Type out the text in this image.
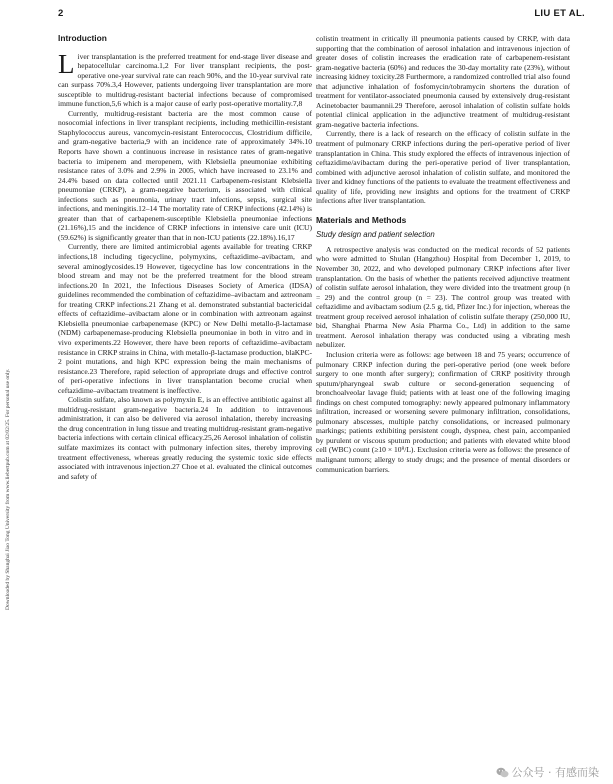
2	LIU ET AL.
Downloaded by Shanghai Jiao Tong University from www.liebertpub.com at 02/02/25. For personal use only.
Introduction

Liver transplantation is the preferred treatment for end-stage liver disease and hepatocellular carcinoma.1,2 For liver transplant recipients, the post-operative one-year survival rate can reach 90%, and the 10-year survival rate can surpass 70%.3,4 However, patients undergoing liver transplantation are more susceptible to multidrug-resistant bacterial infections because of compromised immune function,5,6 which is a major cause of early post-operative mortality.7,8

Currently, multidrug-resistant bacteria are the most common cause of nosocomial infections in liver transplant recipients, including methicillin-resistant Staphylococcus aureus, vancomycin-resistant Enterococcus, Clostridium difficile, and gram-negative bacteria,9 with an incidence rate of approximately 34%.10 Reports have shown a continuous increase in resistance rates of gram-negative bacteria to imipenem and meropenem, with Klebsiella pneumoniae exhibiting resistance rates of 3.0% and 2.9% in 2005, which have increased to 23.1% and 24.4% based on data collected until 2021.11 Carbapenem-resistant Klebsiella pneumoniae (CRKP), a gram-negative bacterium, is associated with clinical infections such as pneumonia, urinary tract infections, sepsis, surgical site infections, and meningitis.12–14 The mortality rate of CRKP infections (42.14%) is greater than that of carbapenem-susceptible Klebsiella pneumoniae infections (21.16%),15 and the incidence of CRKP infections in intensive care unit (ICU) (59.62%) is significantly greater than that in non-ICU patients (22.18%).16,17

Currently, there are limited antimicrobial agents available for treating CRKP infections,18 including tigecycline, polymyxins, ceftazidime–avibactam, and several aminoglycosides.19 However, tigecycline has low concentrations in the blood stream and may not be the preferred treatment for the blood stream infections.20 In 2021, the Infectious Diseases Society of America (IDSA) guidelines recommended the combination of ceftazidime–avibactam and aztreonam for treating CRKP infections.21 Zhang et al. demonstrated substantial bactericidal effects of ceftazidime–avibactam alone or in combination with aztreonam against Klebsiella pneumoniae carbapenemase (KPC) or New Delhi metallo-β-lactamase (NDM) carbapenemase-producing Klebsiella pneumoniae in both in vitro and in vivo experiments.22 However, there have been reports of ceftazidime–avibactam resistance in CRKP strains in China, with metallo-β-lactamase production, blaKPC-2 point mutations, and high KPC expression being the main mechanisms of resistance.23 Therefore, rapid selection of appropriate drugs and effective control of peri-operative infections in liver transplantation become crucial when ceftazidime–avibactam treatment is ineffective.

Colistin sulfate, also known as polymyxin E, is an effective antibiotic against all multidrug-resistant gram-negative bacteria.24 In addition to intravenous administration, it can also be delivered via aerosol inhalation, thereby increasing the drug concentration in lung tissue and treating multidrug-resistant gram-negative bacteria infections with certain clinical efficacy.25,26 Aerosol inhalation of colistin sulfate maximizes its contact with pulmonary infection sites, thereby improving treatment effectiveness, whereas greatly reducing the systemic toxic side effects associated with intravenous injection.27 Choe et al. evaluated the clinical outcomes and safety of

colistin treatment in critically ill pneumonia patients caused by CRKP, with data supporting that the combination of aerosol inhalation and intravenous injection of greater doses of colistin increases the eradication rate of carbapenem-resistant gram-negative bacteria (60%) and reduces the 30-day mortality rate (23%), without increasing kidney toxicity.28 Furthermore, a randomized controlled trial also found that adjunctive inhalation of fosfomycin/tobramycin shortens the duration of treatment for ventilator-associated pneumonia caused by extensively drug-resistant Acinetobacter baumannii.29 Therefore, aerosol inhalation of colistin sulfate holds potential clinical application in the adjunctive treatment of multidrug-resistant gram-negative bacteria infections.

Currently, there is a lack of research on the efficacy of colistin sulfate in the treatment of pulmonary CRKP infections during the peri-operative period of liver transplantation in China. This study explored the effects of intravenous injection of ceftazidime/avibactam during the peri-operative period of liver transplantation, combined with adjunctive aerosol inhalation of colistin sulfate, and monitored the liver and kidney functions of the patients to evaluate the treatment effectiveness and quality of life, providing new insights and options for the treatment of CRKP infections after liver transplantation.

Materials and Methods
Study design and patient selection

A retrospective analysis was conducted on the medical records of 52 patients who were admitted to Shulan (Hangzhou) Hospital from December 1, 2019, to November 30, 2022, and who developed pulmonary CRKP infections after liver transplantation. On the basis of whether the patients received adjunctive treatment of colistin sulfate aerosol inhalation, they were divided into the treatment group (n = 29) and the control group (n = 23). The control group was treated with ceftazidime and avibactam sodium (2.5 g, tid, Pfizer Inc.) for injection, whereas the treatment group received aerosol inhalation of colistin sulfate therapy (250,000 IU, bid, Shanghai Pharma New Asia Pharma Co., Ltd) in addition to the same treatment. Aerosol inhalation therapy was conducted using a vibrating mesh nebulizer.

Inclusion criteria were as follows: age between 18 and 75 years; occurrence of pulmonary CRKP infection during the peri-operative period (one week before surgery to one month after surgery); confirmation of CRKP positivity through sputum/pharyngeal swab culture or second-generation sequencing of bronchoalveolar lavage fluid; patients with at least one of the following imaging findings on chest computed tomography: newly appeared pulmonary inflammatory infiltration, increased or worsening severe pulmonary infiltration, consolidations, pulmonary abscesses, multiple patchy consolidations, or increased pulmonary markings; patients exhibiting persistent cough, dyspnea, chest pain, accompanied by purulent or viscous sputum production; and patients with elevated white blood cell (WBC) count (≥10 × 10⁹/L). Exclusion criteria were as follows: the presence of malignant tumors; allergy to study drugs; and the presence of mental disorders or communication barriers.

公众号 · 有感而染
